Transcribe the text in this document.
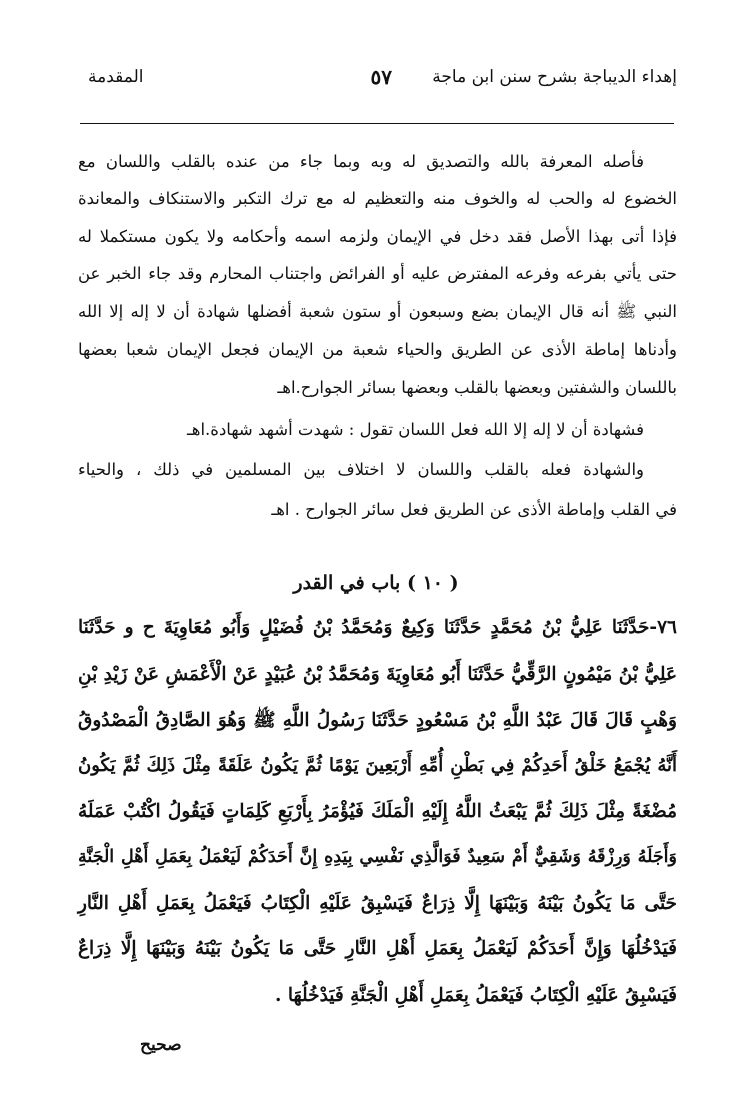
إهداء الديباجة بشرح سنن ابن ماجة
٥٧
المقدمة
فأصله المعرفة بالله والتصديق له وبه وبما جاء من عنده بالقلب واللسان مع
الخضوع له والحب له والخوف منه والتعظيم له مع ترك التكبر والاستنكاف والمعاندة
فإذا أتى بهذا الأصل فقد دخل في الإيمان ولزمه اسمه وأحكامه ولا يكون مستكملا له
حتى يأتي بفرعه وفرعه المفترض عليه أو الفرائض واجتناب المحارم وقد جاء الخبر عن
النبي ﷺ أنه قال الإيمان بضع وسبعون أو ستون شعبة أفضلها شهادة أن لا إله إلا الله
وأدناها إماطة الأذى عن الطريق والحياء شعبة من الإيمان فجعل الإيمان شعبا بعضها
باللسان والشفتين وبعضها بالقلب وبعضها بسائر الجوارح.اهـ
فشهادة أن لا إله إلا الله فعل اللسان تقول : شهدت أشهد شهادة.اهـ
والشهادة فعله بالقلب واللسان لا اختلاف بين المسلمين في ذلك ، والحياء
في القلب وإماطة الأذى عن الطريق فعل سائر الجوارح . اهـ
( ١٠ ) باب في القدر
٧٦-حَدَّثَنَا عَلِيُّ بْنُ مُحَمَّدٍ حَدَّثَنَا وَكِيعٌ وَمُحَمَّدُ بْنُ فُضَيْلٍ وَأَبُو مُعَاوِيَةَ ح و حَدَّثَنَا
عَلِيُّ بْنُ مَيْمُونٍ الرَّقِّيُّ حَدَّثَنَا أَبُو مُعَاوِيَةَ وَمُحَمَّدُ بْنُ عُبَيْدٍ عَنْ الْأَعْمَشِ عَنْ زَيْدِ بْنِ
وَهْبٍ قَالَ قَالَ عَبْدُ اللَّهِ بْنُ مَسْعُودٍ حَدَّثَنَا رَسُولُ اللَّهِ ﷺ وَهُوَ الصَّادِقُ الْمَصْدُوقُ
أَنَّهُ يُجْمَعُ خَلْقُ أَحَدِكُمْ فِي بَطْنِ أُمِّهِ أَرْبَعِينَ يَوْمًا ثُمَّ يَكُونُ عَلَقَةً مِثْلَ ذَلِكَ ثُمَّ يَكُونُ
مُضْغَةً مِثْلَ ذَلِكَ ثُمَّ يَبْعَثُ اللَّهُ إِلَيْهِ الْمَلَكَ فَيُؤْمَرُ بِأَرْبَعِ كَلِمَاتٍ فَيَقُولُ اكْتُبْ عَمَلَهُ
وَأَجَلَهُ وَرِزْقَهُ وَشَقِيٌّ أَمْ سَعِيدٌ فَوَالَّذِي نَفْسِي بِيَدِهِ إِنَّ أَحَدَكُمْ لَيَعْمَلُ بِعَمَلِ أَهْلِ الْجَنَّةِ
حَتَّى مَا يَكُونُ بَيْنَهُ وَبَيْنَهَا إِلَّا ذِرَاعٌ فَيَسْبِقُ عَلَيْهِ الْكِتَابُ فَيَعْمَلُ بِعَمَلِ أَهْلِ النَّارِ
فَيَدْخُلُهَا وَإِنَّ أَحَدَكُمْ لَيَعْمَلُ بِعَمَلِ أَهْلِ النَّارِ حَتَّى مَا يَكُونُ بَيْنَهُ وَبَيْنَهَا إِلَّا ذِرَاعٌ
فَيَسْبِقُ عَلَيْهِ الْكِتَابُ فَيَعْمَلُ بِعَمَلِ أَهْلِ الْجَنَّةِ فَيَدْخُلُهَا .
صحيح
